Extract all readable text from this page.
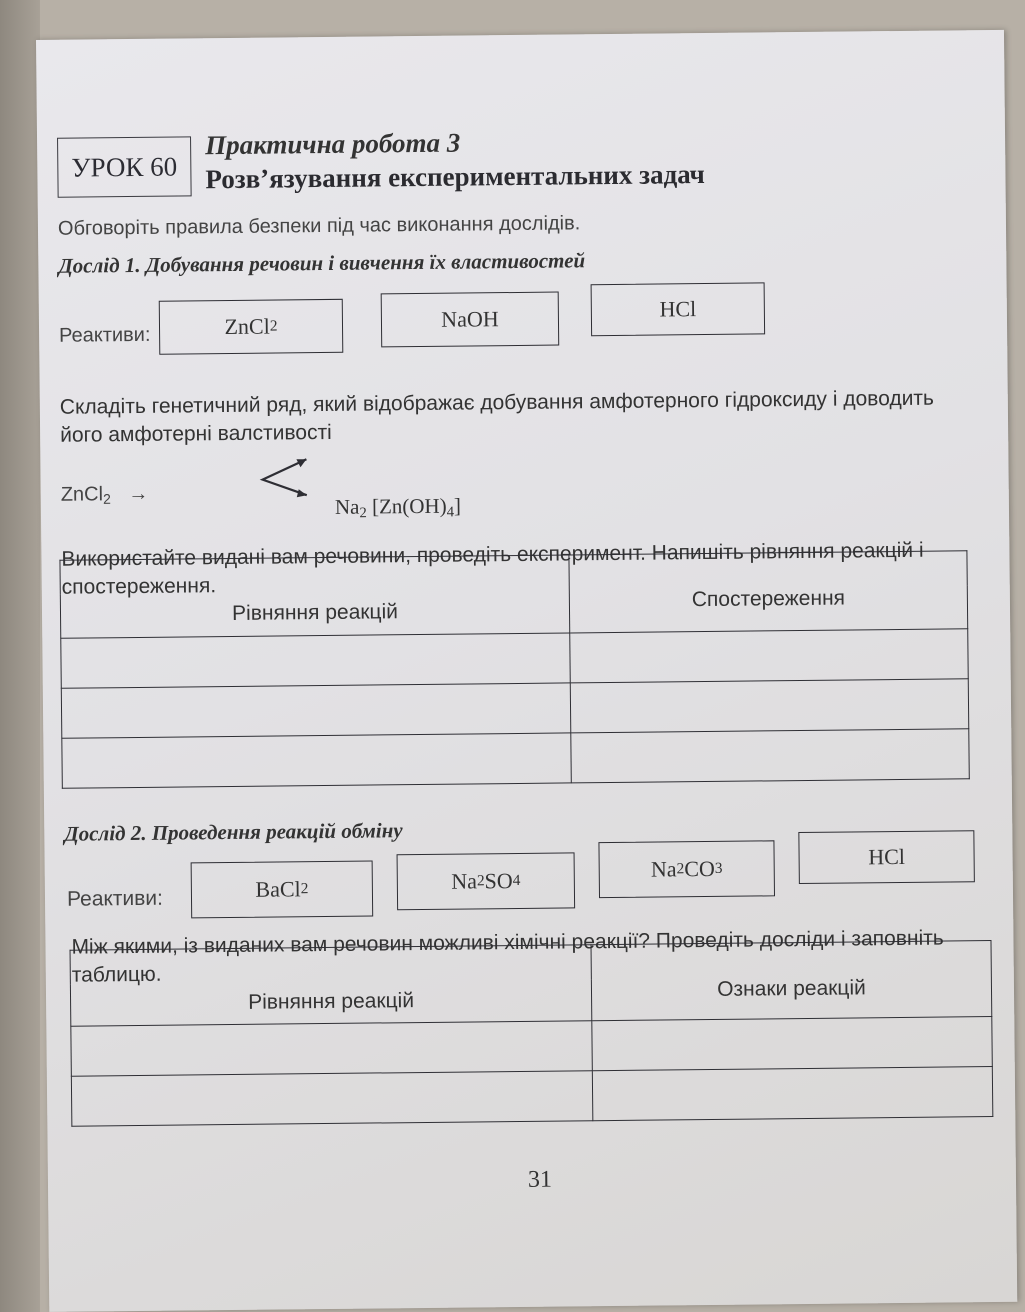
УРОК 60
Практична робота 3
Розв’язування експериментальних задач
Обговоріть правила безпеки під час виконання дослідів.
Дослід 1. Добування речовин і вивчення їх властивостей
Реактиви:	ZnCl 2	NaOH	HCl
Складіть генетичний ряд, який відображає добування амфотерного гідроксиду і доводить
його амфотерні валстивості
ZnCl$_2$ →
$Na_2$ $[Zn(OH)_4]$
Використайте видані вам речовини, проведіть експеримент. Напишіть рівняння реакцій і
спостереження.

Рівняння реакцій	Спостереження

Дослід 2. Проведення реакцій обміну
Реактиви:	BaCl 2	Na 2 SO 4	Na 2 CO 3	HCl
Між якими, із виданих вам речовин можливі хімічні реакції? Проведіть досліди і заповніть
таблицю.

Рівняння реакцій	Ознаки реакцій

31
